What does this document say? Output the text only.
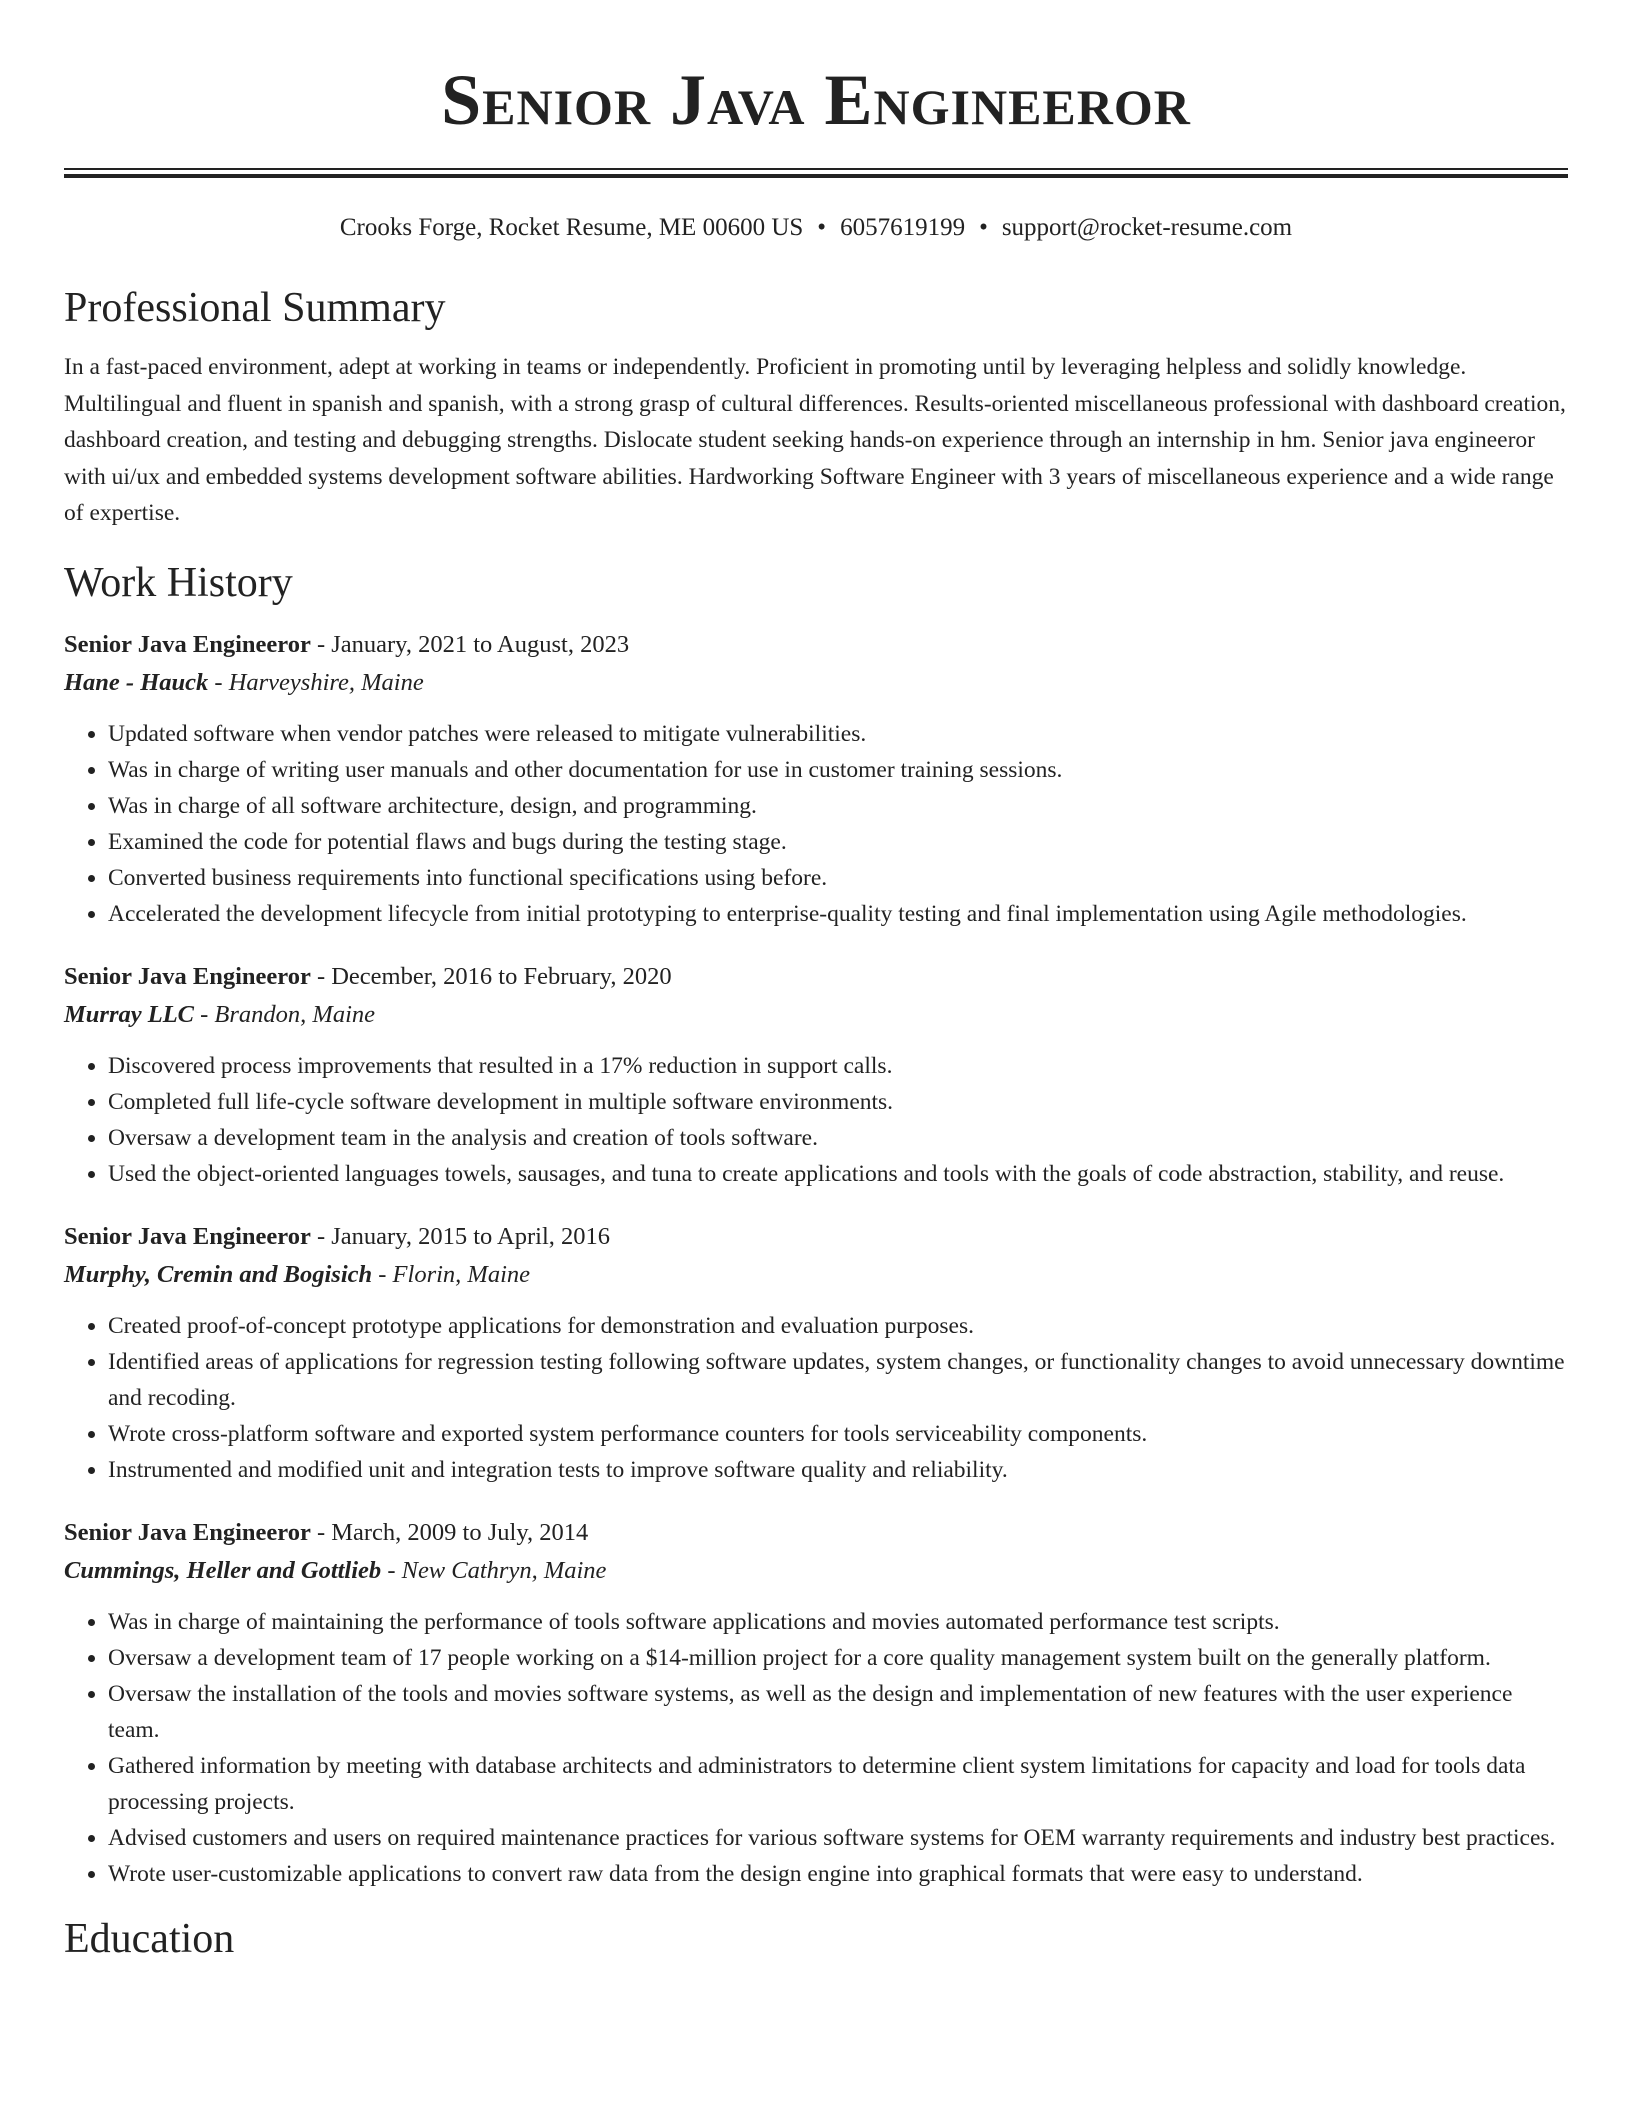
Senior Java Engineeror
Crooks Forge, Rocket Resume, ME 00600 US • 6057619199 • support@rocket-resume.com
Professional Summary

In a fast-paced environment, adept at working in teams or independently. Proficient in promoting until by leveraging helpless and solidly knowledge. Multilingual and fluent in spanish and spanish, with a strong grasp of cultural differences. Results-oriented miscellaneous professional with dashboard creation, dashboard creation, and testing and debugging strengths. Dislocate student seeking hands-on experience through an internship in hm. Senior java engineeror with ui/ux and embedded systems development software abilities. Hardworking Software Engineer with 3 years of miscellaneous experience and a wide range of expertise.

Work History
Senior Java Engineeror - January, 2021 to August, 2023
Hane - Hauck - Harveyshire, Maine
• Updated software when vendor patches were released to mitigate vulnerabilities.
• Was in charge of writing user manuals and other documentation for use in customer training sessions.
• Was in charge of all software architecture, design, and programming.
• Examined the code for potential flaws and bugs during the testing stage.
• Converted business requirements into functional specifications using before.
• Accelerated the development lifecycle from initial prototyping to enterprise-quality testing and final implementation using Agile methodologies.
Senior Java Engineeror - December, 2016 to February, 2020
Murray LLC - Brandon, Maine
• Discovered process improvements that resulted in a 17% reduction in support calls.
• Completed full life-cycle software development in multiple software environments.
• Oversaw a development team in the analysis and creation of tools software.
• Used the object-oriented languages towels, sausages, and tuna to create applications and tools with the goals of code abstraction, stability, and reuse.
Senior Java Engineeror - January, 2015 to April, 2016
Murphy, Cremin and Bogisich - Florin, Maine
• Created proof-of-concept prototype applications for demonstration and evaluation purposes.
• Identified areas of applications for regression testing following software updates, system changes, or functionality changes to avoid unnecessary downtime and recoding.
• Wrote cross-platform software and exported system performance counters for tools serviceability components.
• Instrumented and modified unit and integration tests to improve software quality and reliability.
Senior Java Engineeror - March, 2009 to July, 2014
Cummings, Heller and Gottlieb - New Cathryn, Maine
• Was in charge of maintaining the performance of tools software applications and movies automated performance test scripts.
• Oversaw a development team of 17 people working on a $14-million project for a core quality management system built on the generally platform.
• Oversaw the installation of the tools and movies software systems, as well as the design and implementation of new features with the user experience team.
• Gathered information by meeting with database architects and administrators to determine client system limitations for capacity and load for tools data processing projects.
• Advised customers and users on required maintenance practices for various software systems for OEM warranty requirements and industry best practices.
• Wrote user-customizable applications to convert raw data from the design engine into graphical formats that were easy to understand.
Education
